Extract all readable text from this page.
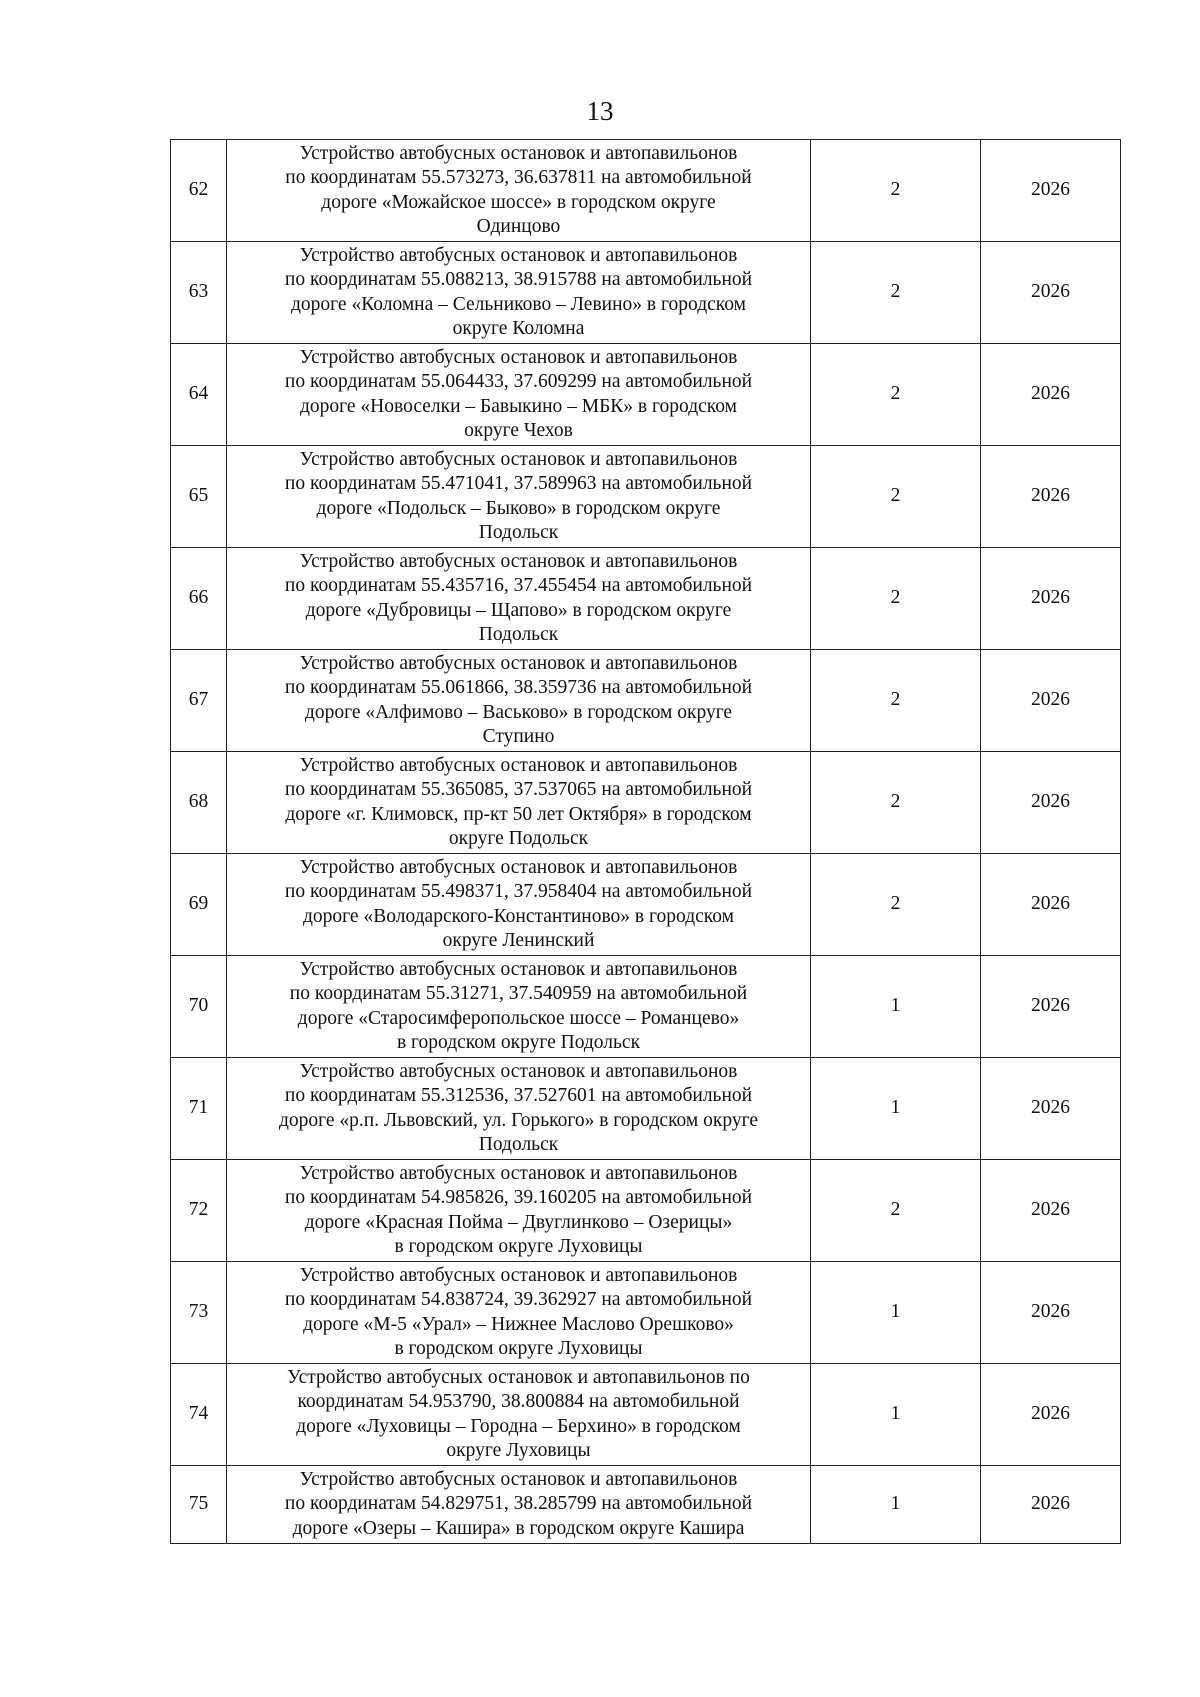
13
62	Устройство автобусных остановок и автопавильонов
по координатам 55.573273, 36.637811 на автомобильной
дороге «Можайское шоссе» в городском округе
Одинцово	2	2026
63	Устройство автобусных остановок и автопавильонов
по координатам 55.088213, 38.915788 на автомобильной
дороге «Коломна – Сельниково – Левино» в городском
округе Коломна	2	2026
64	Устройство автобусных остановок и автопавильонов
по координатам 55.064433, 37.609299 на автомобильной
дороге «Новоселки – Бавыкино – МБК» в городском
округе Чехов	2	2026
65	Устройство автобусных остановок и автопавильонов
по координатам 55.471041, 37.589963 на автомобильной
дороге «Подольск – Быково» в городском округе
Подольск	2	2026
66	Устройство автобусных остановок и автопавильонов
по координатам 55.435716, 37.455454 на автомобильной
дороге «Дубровицы – Щапово» в городском округе
Подольск	2	2026
67	Устройство автобусных остановок и автопавильонов
по координатам 55.061866, 38.359736 на автомобильной
дороге «Алфимово – Васьково» в городском округе
Ступино	2	2026
68	Устройство автобусных остановок и автопавильонов
по координатам 55.365085, 37.537065 на автомобильной
дороге «г. Климовск, пр-кт 50 лет Октября» в городском
округе Подольск	2	2026
69	Устройство автобусных остановок и автопавильонов
по координатам 55.498371, 37.958404 на автомобильной
дороге «Володарского-Константиново» в городском
округе Ленинский	2	2026
70	Устройство автобусных остановок и автопавильонов
по координатам 55.31271, 37.540959 на автомобильной
дороге «Старосимферопольское шоссе – Романцево»
в городском округе Подольск	1	2026
71	Устройство автобусных остановок и автопавильонов
по координатам 55.312536, 37.527601 на автомобильной
дороге «р.п. Львовский, ул. Горького» в городском округе
Подольск	1	2026
72	Устройство автобусных остановок и автопавильонов
по координатам 54.985826, 39.160205 на автомобильной
дороге «Красная Пойма – Двуглинково – Озерицы»
в городском округе Луховицы	2	2026
73	Устройство автобусных остановок и автопавильонов
по координатам 54.838724, 39.362927 на автомобильной
дороге «М-5 «Урал» – Нижнее Маслово Орешково»
в городском округе Луховицы	1	2026
74	Устройство автобусных остановок и автопавильонов по
координатам 54.953790, 38.800884 на автомобильной
дороге «Луховицы – Городна – Берхино» в городском
округе Луховицы	1	2026
75	Устройство автобусных остановок и автопавильонов
по координатам 54.829751, 38.285799 на автомобильной
дороге «Озеры – Кашира» в городском округе Кашира	1	2026
